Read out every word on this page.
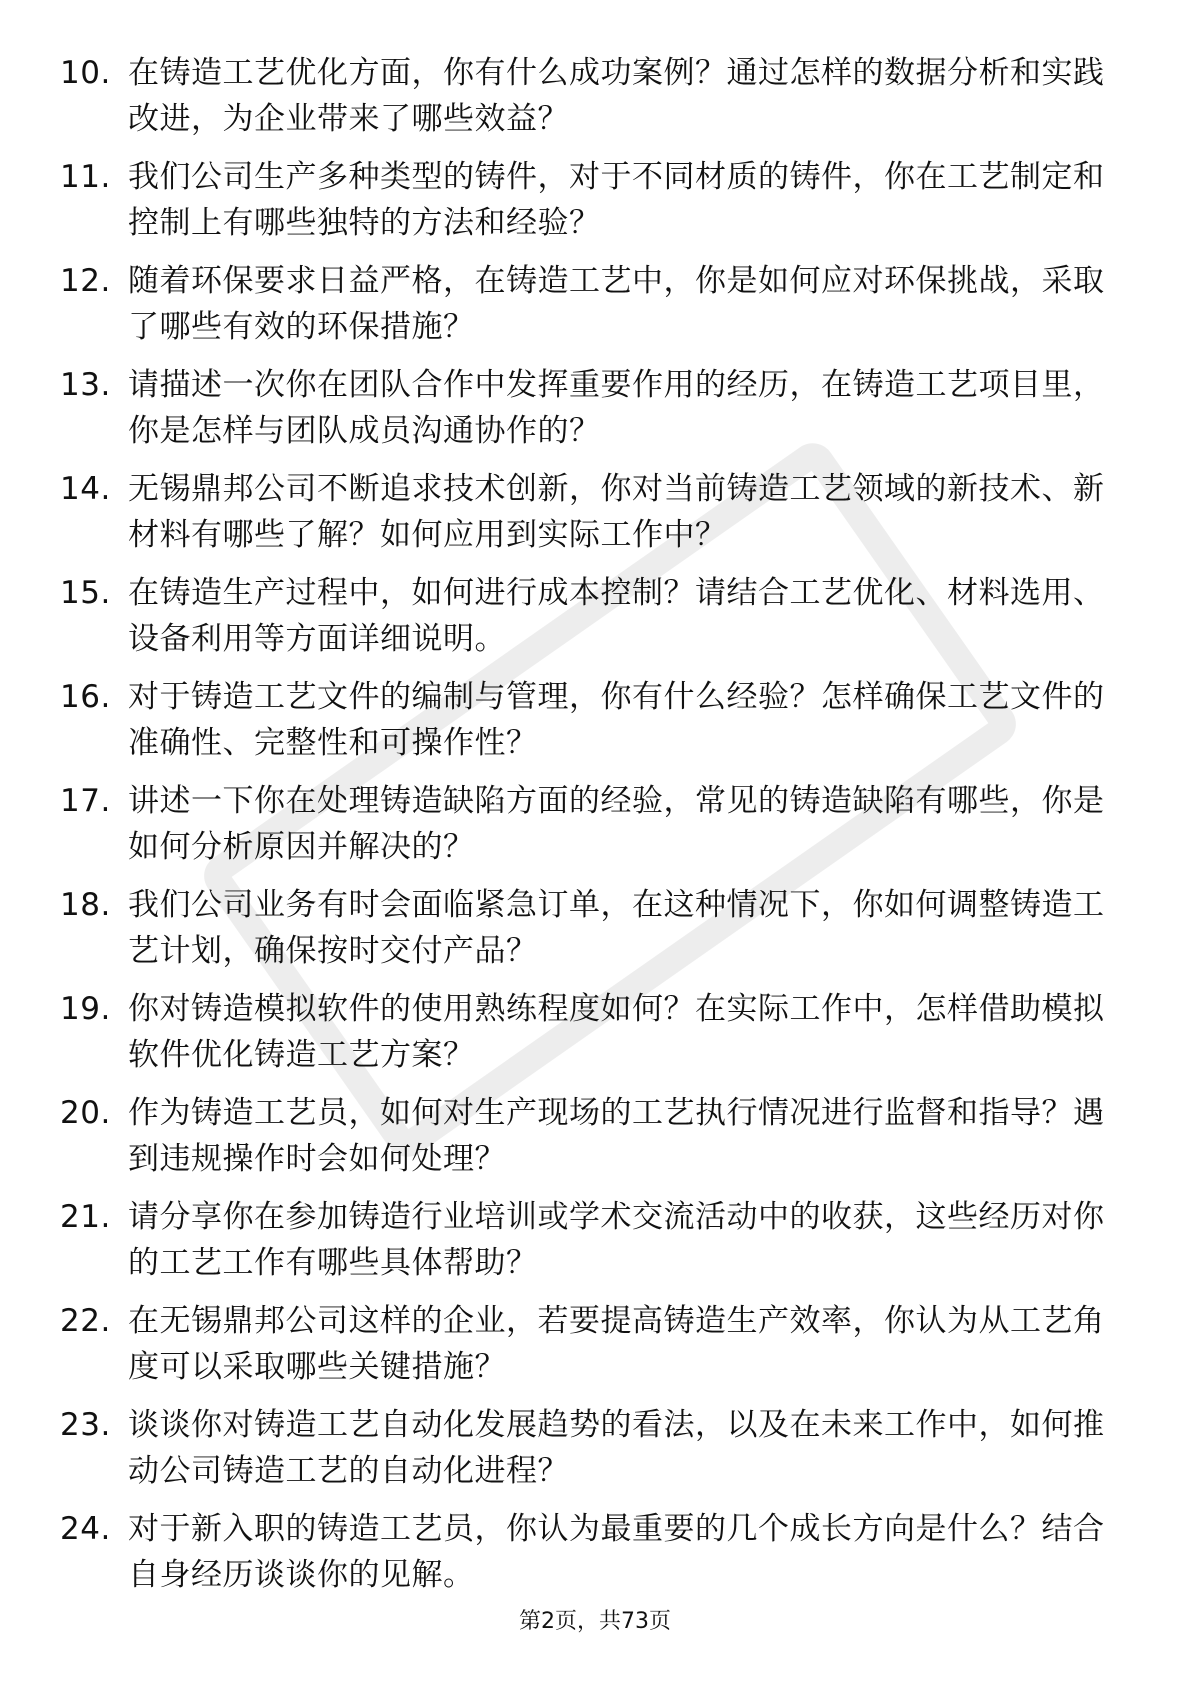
10. 在铸造工艺优化方面，你有什么成功案例？通过怎样的数据分析和实践改进，为企业带来了哪些效益？
11. 我们公司生产多种类型的铸件，对于不同材质的铸件，你在工艺制定和控制上有哪些独特的方法和经验？
12. 随着环保要求日益严格，在铸造工艺中，你是如何应对环保挑战，采取了哪些有效的环保措施？
13. 请描述一次你在团队合作中发挥重要作用的经历，在铸造工艺项目里，你是怎样与团队成员沟通协作的？
14. 无锡鼎邦公司不断追求技术创新，你对当前铸造工艺领域的新技术、新材料有哪些了解？如何应用到实际工作中？
15. 在铸造生产过程中，如何进行成本控制？请结合工艺优化、材料选用、设备利用等方面详细说明。
16. 对于铸造工艺文件的编制与管理，你有什么经验？怎样确保工艺文件的准确性、完整性和可操作性？
17. 讲述一下你在处理铸造缺陷方面的经验，常见的铸造缺陷有哪些，你是如何分析原因并解决的？
18. 我们公司业务有时会面临紧急订单，在这种情况下，你如何调整铸造工艺计划，确保按时交付产品？
19. 你对铸造模拟软件的使用熟练程度如何？在实际工作中，怎样借助模拟软件优化铸造工艺方案？
20. 作为铸造工艺员，如何对生产现场的工艺执行情况进行监督和指导？遇到违规操作时会如何处理？
21. 请分享你在参加铸造行业培训或学术交流活动中的收获，这些经历对你的工艺工作有哪些具体帮助？
22. 在无锡鼎邦公司这样的企业，若要提高铸造生产效率，你认为从工艺角度可以采取哪些关键措施？
23. 谈谈你对铸造工艺自动化发展趋势的看法，以及在未来工作中，如何推动公司铸造工艺的自动化进程？
24. 对于新入职的铸造工艺员，你认为最重要的几个成长方向是什么？结合自身经历谈谈你的见解。
第2页，共73页
